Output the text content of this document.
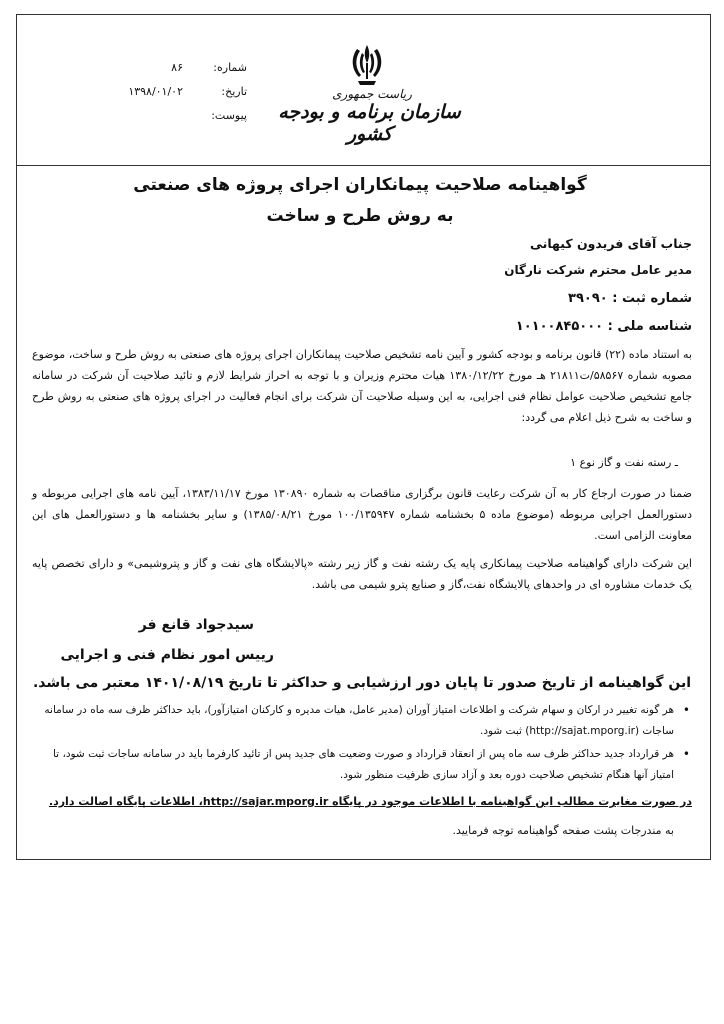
شماره:
۸۶
تاریخ:
۱۳۹۸/۰۱/۰۲
پیوست:
ریاست جمهوری
سازمان برنامه و بودجه کشور
گواهینامه صلاحیت پیمانکاران اجرای پروژه های صنعتی
به روش طرح و ساخت
جناب آقای فریدون کیهانی
مدیر عامل محترم شرکت نارگان
شماره ثبت : ۳۹۰۹۰
شناسه ملی : ۱۰۱۰۰۸۴۵۰۰۰
به استناد ماده (۲۲) قانون برنامه و بودجه کشور و آیین نامه تشخیص صلاحیت پیمانکاران اجرای پروژه های صنعتی به روش طرح و ساخت، موضوع مصوبه شماره ۵۸۵۶۷/ت۲۱۸۱۱ هـ مورخ ۱۳۸۰/۱۲/۲۲ هیات محترم وزیران و با توجه به احراز شرایط لازم و تائید صلاحیت آن شرکت در سامانه جامع تشخیص صلاحیت عوامل نظام فنی اجرایی، به این وسیله صلاحیت آن شرکت برای انجام فعالیت در اجرای پروژه های صنعتی به روش طرح و ساخت به شرح ذیل اعلام می گردد:
ـ رسته نفت و گاز نوع ۱
ضمنا در صورت ارجاع کار به آن شرکت رعایت قانون برگزاری مناقصات به شماره ۱۳۰۸۹۰ مورخ ۱۳۸۳/۱۱/۱۷، آیین نامه های اجرایی مربوطه و دستورالعمل اجرایی مربوطه (موضوع ماده ۵ بخشنامه شماره ۱۰۰/۱۳۵۹۴۷ مورخ ۱۳۸۵/۰۸/۲۱) و سایر بخشنامه ها و دستورالعمل های این معاونت الزامی است.
این شرکت دارای گواهینامه صلاحیت پیمانکاری پایه یک رشته نفت و گاز زیر رشته «پالایشگاه های نفت و گاز و پتروشیمی» و دارای تخصص پایه یک خدمات مشاوره ای در واحدهای پالایشگاه نفت،گاز و صنایع پترو شیمی می باشد.
سیدجواد قانع فر
رییس امور نظام فنی و اجرایی
این گواهینامه از تاریخ صدور تا پایان دور ارزشیابی و حداکثر تا تاریخ ۱۴۰۱/۰۸/۱۹ معتبر می باشد.
•
هر گونه تغییر در ارکان و سهام شرکت و اطلاعات امتیاز آوران (مدیر عامل، هیات مدیره و کارکنان امتیازآور)، باید حداکثر ظرف سه ماه در سامانه ساجات (http://sajat.mporg.ir) ثبت شود.
•
هر قرارداد جدید حداکثر ظرف سه ماه پس از انعقاد قرارداد و صورت وضعیت های جدید پس از تائید کارفرما باید در سامانه ساجات ثبت شود، تا امتیاز آنها هنگام تشخیص صلاحیت دوره بعد و آزاد سازی ظرفیت منظور شود.
در صورت مغایرت مطالب این گواهینامه با اطلاعات موجود در پایگاه http://sajar.mporg.ir، اطلاعات پایگاه اصالت دارد.
به مندرجات پشت صفحه گواهینامه توجه فرمایید.
